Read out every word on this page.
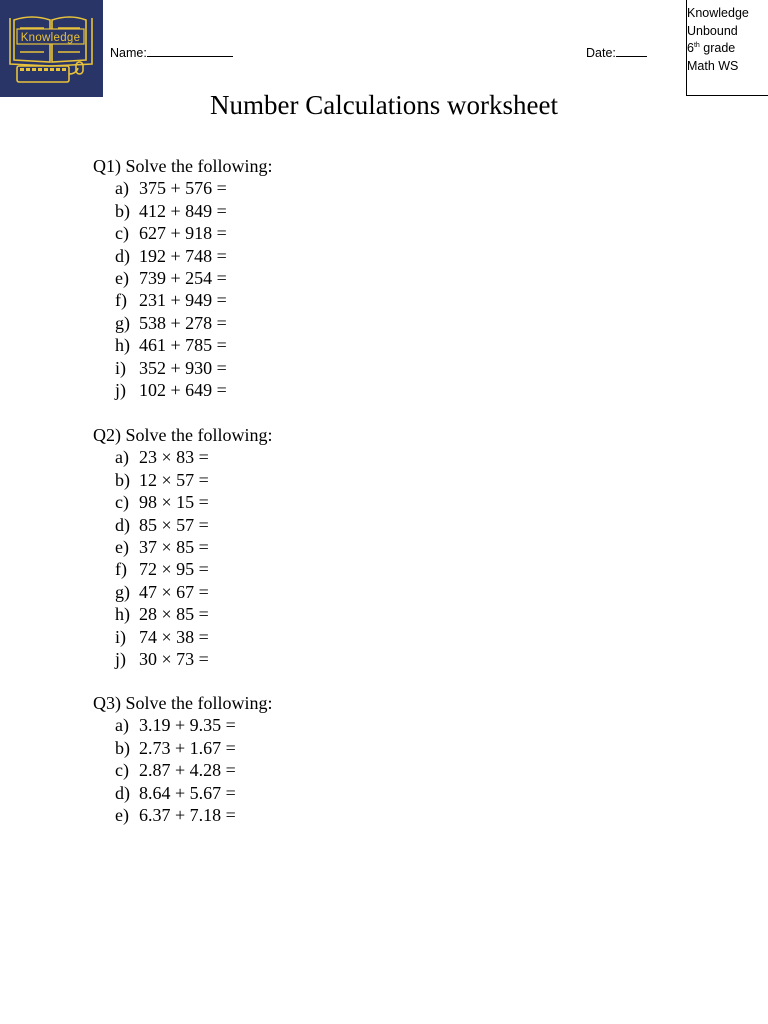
Knowledge
Unbound
Name:	Date:
Knowledge
Unbound
6th grade
Math WS
Number Calculations worksheet

Q1) Solve the following:

a) 375 + 576 =
b) 412 + 849 =
c) 627 + 918 =
d) 192 + 748 =
e) 739 + 254 =
f) 231 + 949 =
g) 538 + 278 =
h) 461 + 785 =
i) 352 + 930 =
j) 102 + 649 =

Q2) Solve the following:

a) 23 × 83 =
b) 12 × 57 =
c) 98 × 15 =
d) 85 × 57 =
e) 37 × 85 =
f) 72 × 95 =
g) 47 × 67 =
h) 28 × 85 =
i) 74 × 38 =
j) 30 × 73 =

Q3) Solve the following:

a) 3.19 + 9.35 =
b) 2.73 + 1.67 =
c) 2.87 + 4.28 =
d) 8.64 + 5.67 =
e) 6.37 + 7.18 =
